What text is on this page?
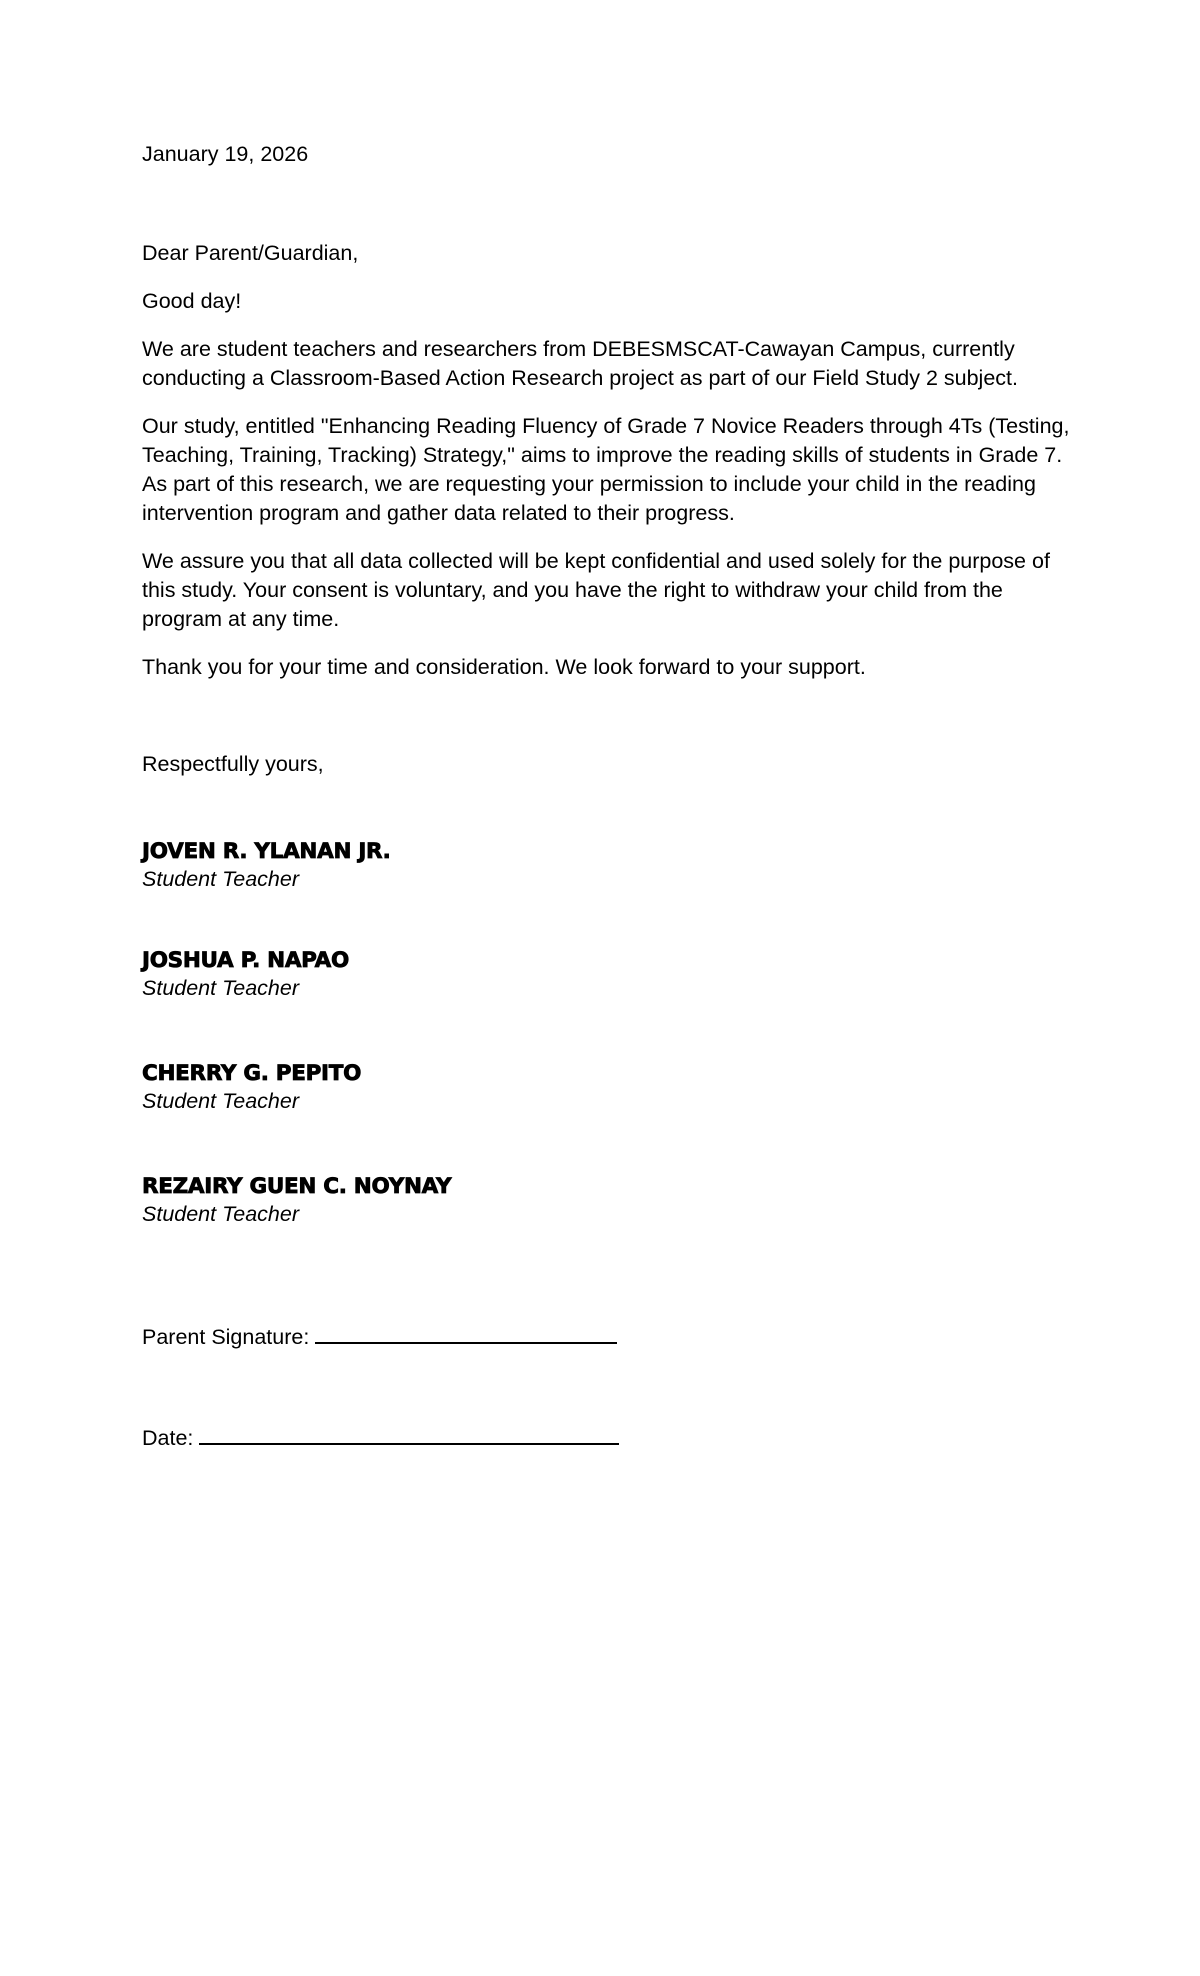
January 19, 2026

Dear Parent/Guardian,

Good day!

We are student teachers and researchers from DEBESMSCAT-Cawayan Campus, currently conducting a Classroom-Based Action Research project as part of our Field Study 2 subject.

Our study, entitled "Enhancing Reading Fluency of Grade 7 Novice Readers through 4Ts (Testing, Teaching, Training, Tracking) Strategy," aims to improve the reading skills of students in Grade 7. As part of this research, we are requesting your permission to include your child in the reading intervention program and gather data related to their progress.

We assure you that all data collected will be kept confidential and used solely for the purpose of this study. Your consent is voluntary, and you have the right to withdraw your child from the program at any time.

Thank you for your time and consideration. We look forward to your support.

Respectfully yours,

JOVEN R. YLANAN JR.
Student Teacher
JOSHUA P. NAPAO
Student Teacher
CHERRY G. PEPITO
Student Teacher
REZAIRY GUEN C. NOYNAY
Student Teacher
Parent Signature:
Date:
